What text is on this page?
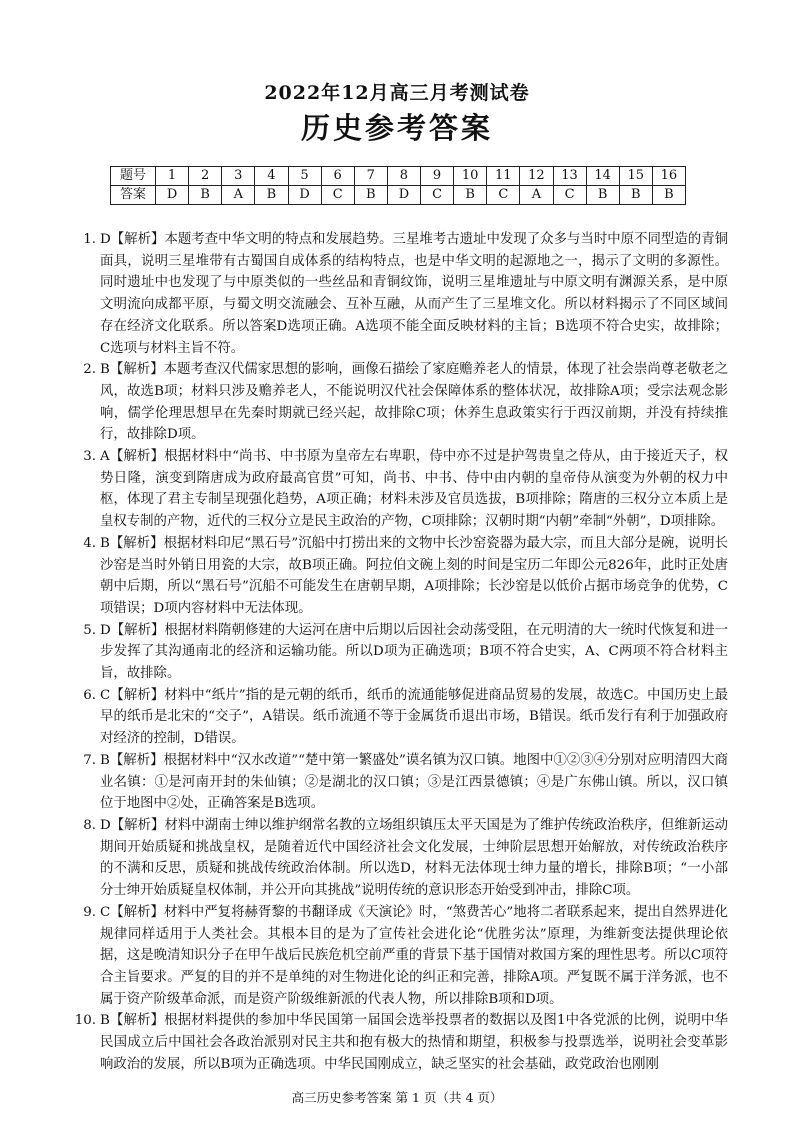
2022年12月高三月考测试卷
历史参考答案
题号	1	2	3	4	5	6	7	8	9	10	11	12	13	14	15	16
答案	D	B	A	B	D	C	B	D	C	B	C	A	C	B	B	B
1. D【解析】本题考查中华文明的特点和发展趋势。三星堆考古遗址中发现了众多与当时中原不同型造的青铜面具，说明三星堆带有古蜀国自成体系的结构特点，也是中华文明的起源地之一，揭示了文明的多源性。同时遗址中也发现了与中原类似的一些丝品和青铜纹饰，说明三星堆遗址与中原文明有渊源关系，是中原文明流向成都平原，与蜀文明交流融会、互补互融，从而产生了三星堆文化。所以材料揭示了不同区域间存在经济文化联系。所以答案D选项正确。A选项不能全面反映材料的主旨；B选项不符合史实，故排除；C选项与材料主旨不符。
2. B【解析】本题考查汉代儒家思想的影响，画像石描绘了家庭赡养老人的情景，体现了社会崇尚尊老敬老之风，故选B项；材料只涉及赡养老人，不能说明汉代社会保障体系的整体状况，故排除A项；受宗法观念影响，儒学伦理思想早在先秦时期就已经兴起，故排除C项；休养生息政策实行于西汉前期，并没有持续推行，故排除D项。
3. A【解析】根据材料中“尚书、中书原为皇帝左右卑职，侍中亦不过是护驾贵皇之侍从，由于接近天子，权势日隆，演变到隋唐成为政府最高官贯”可知，尚书、中书、侍中由内朝的皇帝侍从演变为外朝的权力中枢，体现了君主专制呈现强化趋势，A项正确；材料未涉及官员选拔，B项排除；隋唐的三权分立本质上是皇权专制的产物，近代的三权分立是民主政治的产物，C项排除；汉朝时期“内朝”牵制“外朝”，D项排除。
4. B【解析】根据材料印尼“黑石号”沉船中打捞出来的文物中长沙窑瓷器为最大宗，而且大部分是碗，说明长沙窑是当时外销日用瓷的大宗，故B项正确。阿拉伯文碗上刻的时间是宝历二年即公元826年，此时正处唐朝中后期，所以“黑石号”沉船不可能发生在唐朝早期，A项排除；长沙窑是以低价占据市场竞争的优势，C项错误；D项内容材料中无法体现。
5. D【解析】根据材料隋朝修建的大运河在唐中后期以后因社会动荡受阻，在元明清的大一统时代恢复和进一步发挥了其沟通南北的经济和运输功能。所以D项为正确选项；B项不符合史实，A、C两项不符合材料主旨，故排除。
6. C【解析】材料中“纸片”指的是元朝的纸币，纸币的流通能够促进商品贸易的发展，故选C。中国历史上最早的纸币是北宋的“交子”，A错误。纸币流通不等于金属货币退出市场，B错误。纸币发行有利于加强政府对经济的控制，D错误。
7. B【解析】根据材料中“汉水改道”“楚中第一繁盛处”谟名镇为汉口镇。地图中①②③④分别对应明清四大商业名镇：①是河南开封的朱仙镇；②是湖北的汉口镇；③是江西景德镇；④是广东佛山镇。所以，汉口镇位于地图中②处，正确答案是B选项。
8. D【解析】材料中湖南士绅以维护纲常名教的立场组织镇压太平天国是为了维护传统政治秩序，但维新运动期间开始质疑和挑战皇权，是随着近代中国经济社会文化发展，士绅阶层思想开始解放，对传统政治秩序的不满和反思，质疑和挑战传统政治体制。所以选D，材料无法体现士绅力量的增长，排除B项；“一小部分士绅开始质疑皇权体制，并公开向其挑战”说明传统的意识形态开始受到冲击，排除C项。
9. C【解析】材料中严复将赫胥黎的书翻译成《天演论》时，“煞费苦心”地将二者联系起来，提出自然界进化规律同样适用于人类社会。其根本目的是为了宣传社会进化论“优胜劣汰”原理，为维新变法提供理论依据，这是晚清知识分子在甲午战后民族危机空前严重的背景下基于国情对救国方案的理性思考。所以C项符合主旨要求。严复的目的并不是单纯的对生物进化论的纠正和完善，排除A项。严复既不属于洋务派，也不属于资产阶级革命派，而是资产阶级维新派的代表人物，所以排除B项和D项。
10. B【解析】根据材料提供的参加中华民国第一届国会选举投票者的数据以及图1中各党派的比例，说明中华民国成立后中国社会各政治派别对民主共和抱有极大的热情和期望，积极参与投票选举，说明社会变革影响政治的发展，所以B项为正确选项。中华民国刚成立，缺乏坚实的社会基础，政党政治也刚刚
高三历史参考答案 第 1 页（共 4 页）
